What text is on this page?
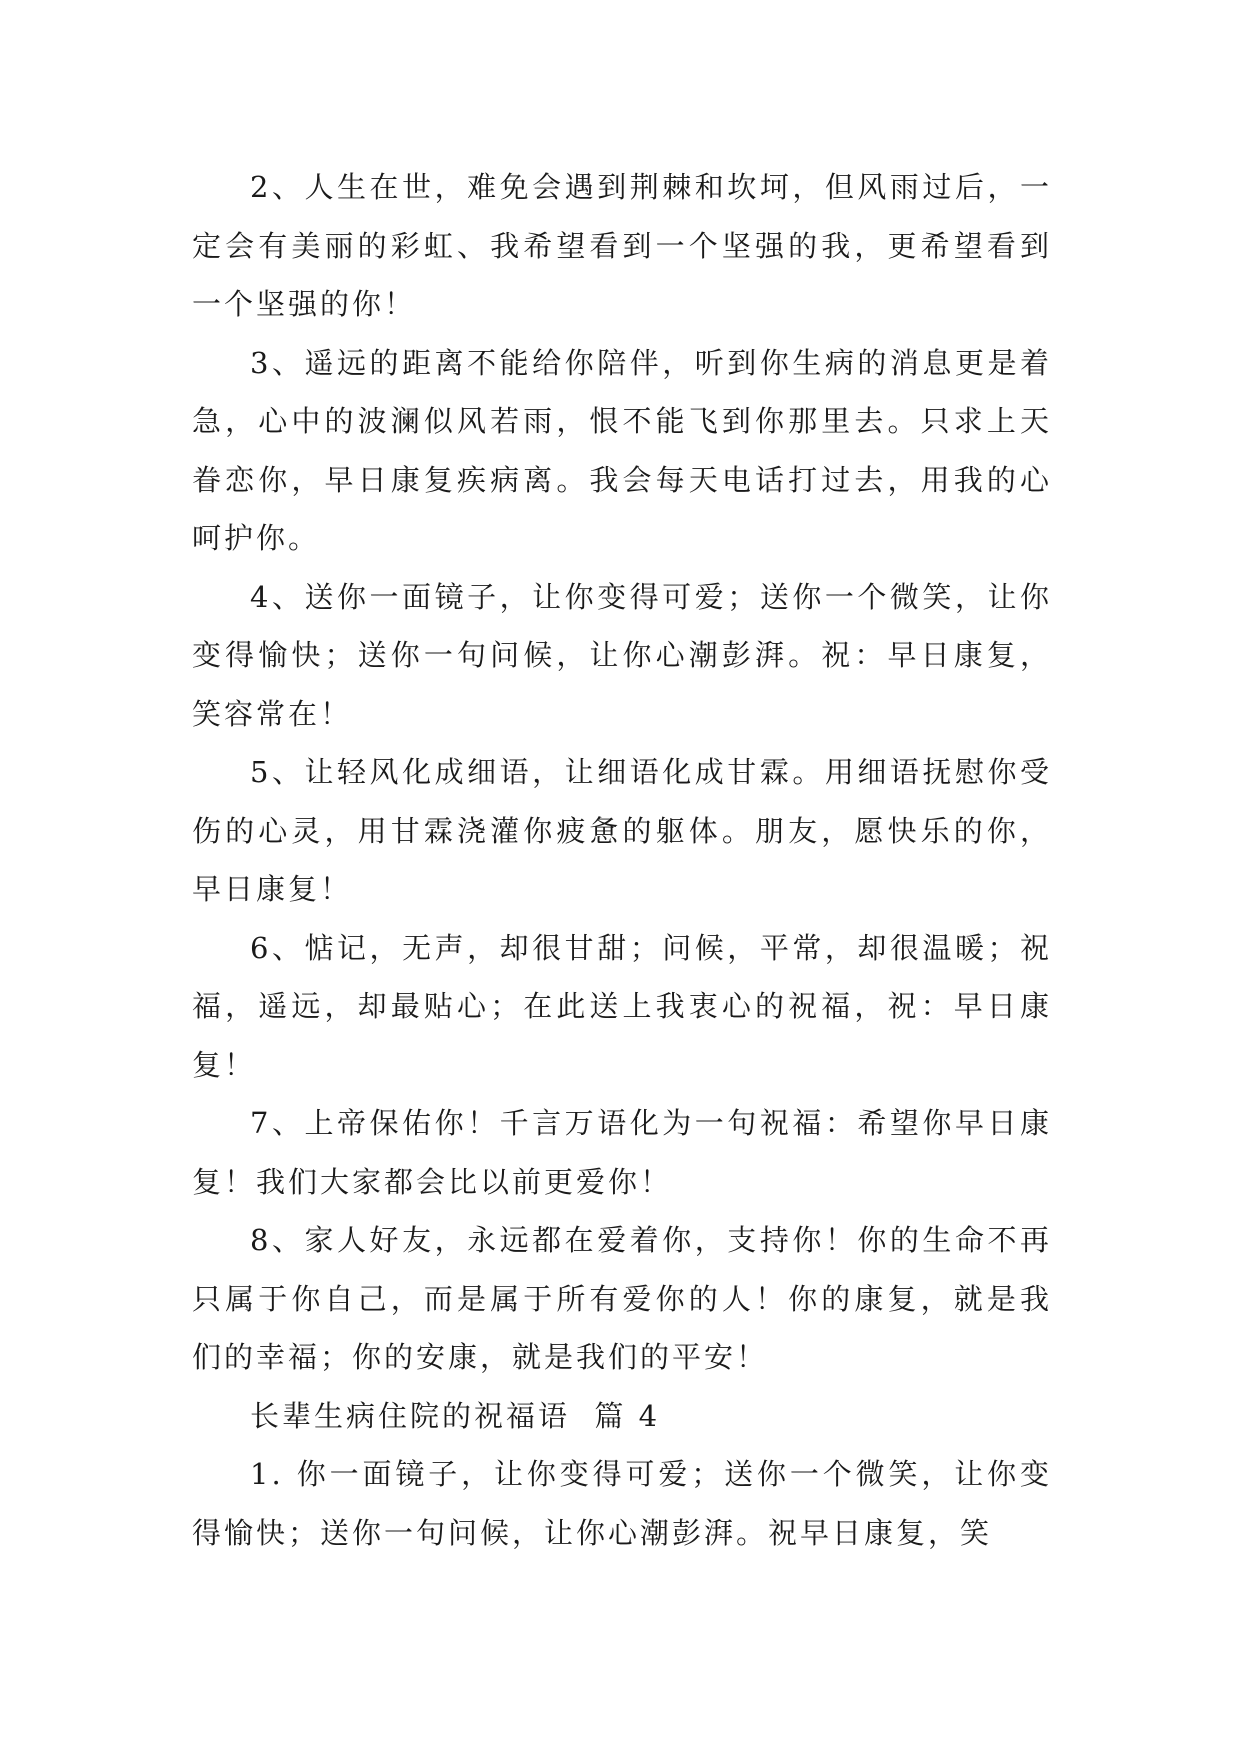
2、人生在世，难免会遇到荆棘和坎坷，但风雨过后，一定会有美丽的彩虹、我希望看到一个坚强的我，更希望看到一个坚强的你！

3、遥远的距离不能给你陪伴，听到你生病的消息更是着急，心中的波澜似风若雨，恨不能飞到你那里去。只求上天眷恋你，早日康复疾病离。我会每天电话打过去，用我的心呵护你。

4、送你一面镜子，让你变得可爱；送你一个微笑，让你变得愉快；送你一句问候，让你心潮彭湃。祝：早日康复，笑容常在！

5、让轻风化成细语，让细语化成甘霖。用细语抚慰你受伤的心灵，用甘霖浇灌你疲惫的躯体。朋友，愿快乐的你，早日康复！

6、惦记，无声，却很甘甜；问候，平常，却很温暖；祝福，遥远，却最贴心；在此送上我衷心的祝福，祝：早日康复！

7、上帝保佑你！千言万语化为一句祝福：希望你早日康复！我们大家都会比以前更爱你！

8、家人好友，永远都在爱着你，支持你！你的生命不再只属于你自己，而是属于所有爱你的人！你的康复，就是我们的幸福；你的安康，就是我们的平安！

长辈生病住院的祝福语  篇 4

1. 你一面镜子，让你变得可爱；送你一个微笑，让你变得愉快；送你一句问候，让你心潮彭湃。祝早日康复，笑
